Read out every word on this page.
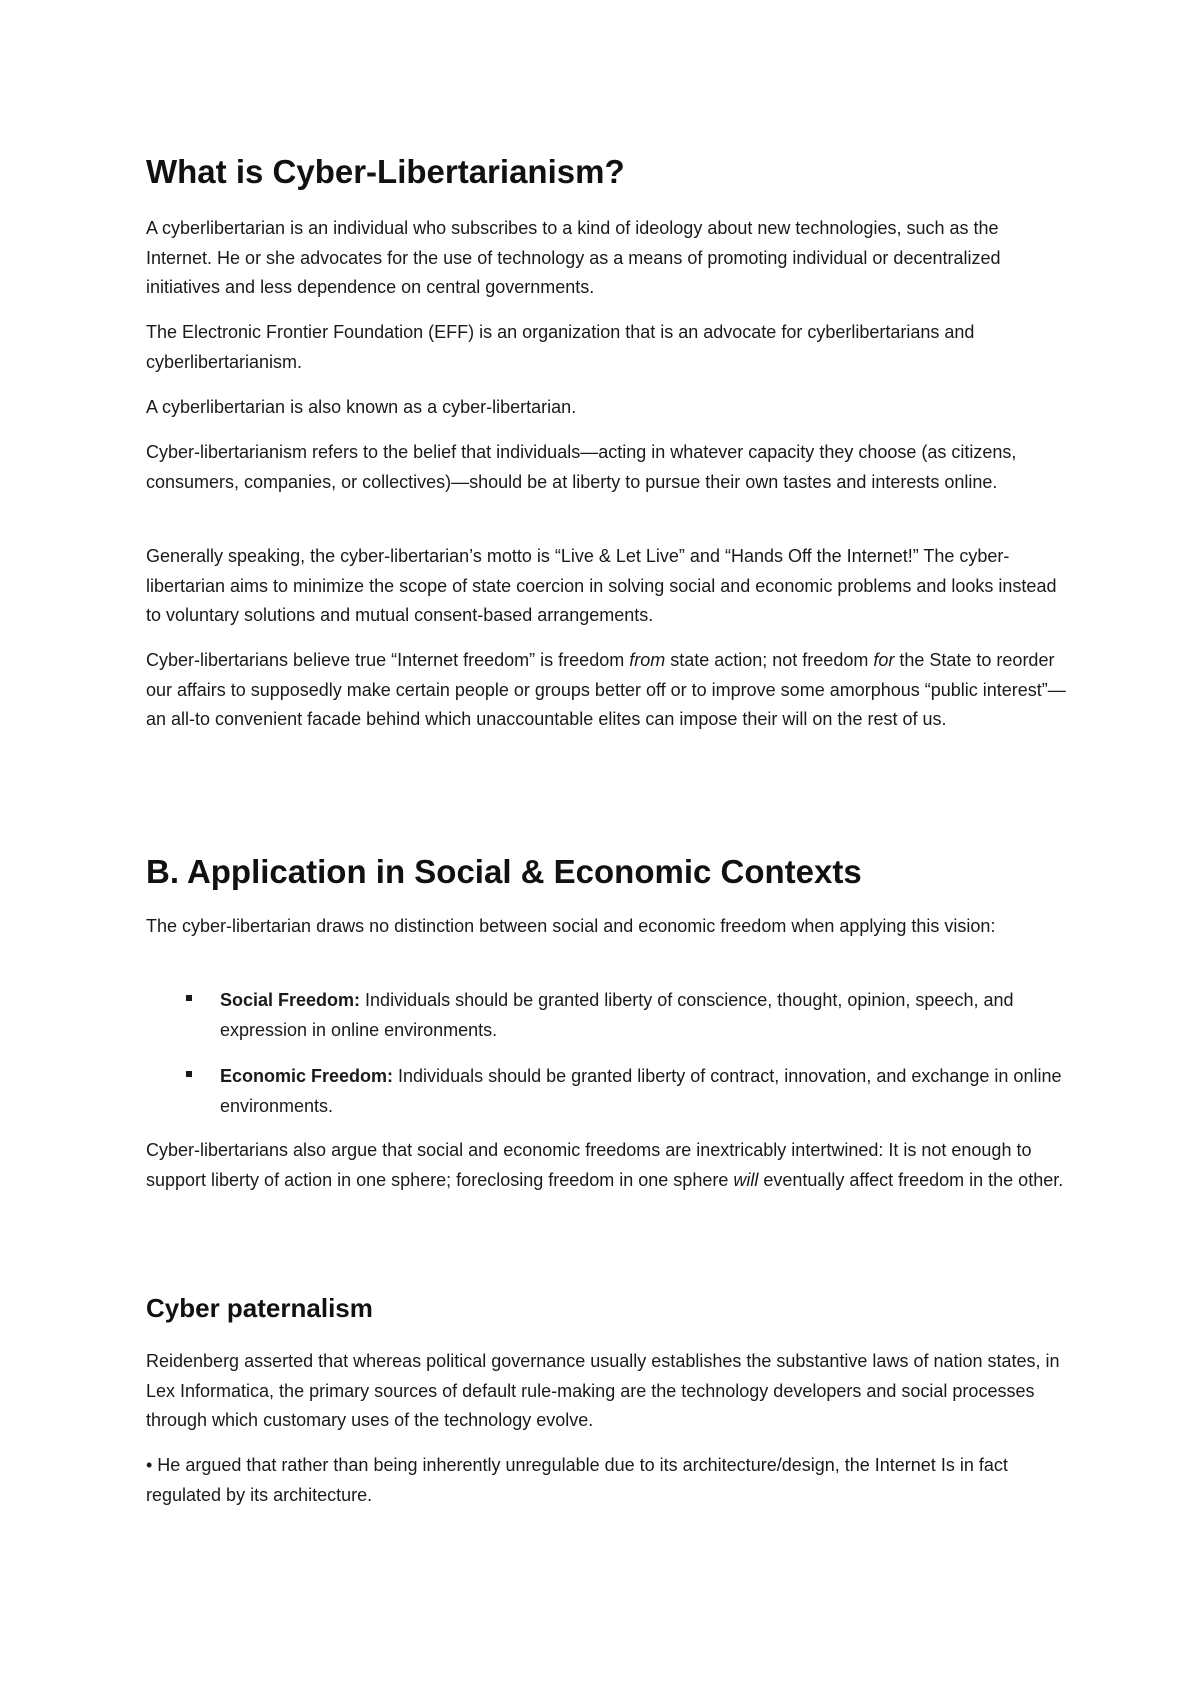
What is Cyber-Libertarianism?

A cyberlibertarian is an individual who subscribes to a kind of ideology about new technologies, such as the Internet. He or she advocates for the use of technology as a means of promoting individual or decentralized initiatives and less dependence on central governments.

The Electronic Frontier Foundation (EFF) is an organization that is an advocate for cyberlibertarians and cyberlibertarianism.

A cyberlibertarian is also known as a cyber-libertarian.

Cyber-libertarianism refers to the belief that individuals—acting in whatever capacity they choose (as citizens, consumers, companies, or collectives)—should be at liberty to pursue their own tastes and interests online.

Generally speaking, the cyber-libertarian’s motto is “Live & Let Live” and “Hands Off the Internet!” The cyber-libertarian aims to minimize the scope of state coercion in solving social and economic problems and looks instead to voluntary solutions and mutual consent-based arrangements.

Cyber-libertarians believe true “Internet freedom” is freedom from state action; not freedom for the State to reorder our affairs to supposedly make certain people or groups better off or to improve some amorphous “public interest”—an all-to convenient facade behind which unaccountable elites can impose their will on the rest of us.

B. Application in Social & Economic Contexts

The cyber-libertarian draws no distinction between social and economic freedom when applying this vision:

Social Freedom: Individuals should be granted liberty of conscience, thought, opinion, speech, and expression in online environments.

Economic Freedom: Individuals should be granted liberty of contract, innovation, and exchange in online environments.

Cyber-libertarians also argue that social and economic freedoms are inextricably intertwined: It is not enough to support liberty of action in one sphere; foreclosing freedom in one sphere will eventually affect freedom in the other.

Cyber paternalism

Reidenberg asserted that whereas political governance usually establishes the substantive laws of nation states, in Lex Informatica, the primary sources of default rule-making are the technology developers and social processes through which customary uses of the technology evolve.

• He argued that rather than being inherently unregulable due to its architecture/design, the Internet Is in fact regulated by its architecture.
